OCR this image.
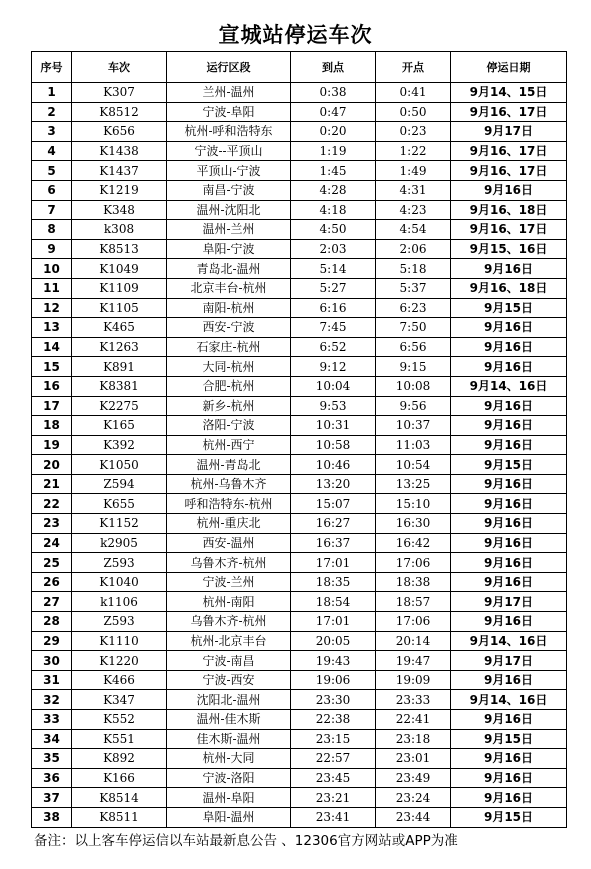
宣城站停运车次
序号	车次	运行区段	到点	开点	停运日期
1	K307	兰州-温州	0:38	0:41	9月14、15日
2	K8512	宁波-阜阳	0:47	0:50	9月16、17日
3	K656	杭州-呼和浩特东	0:20	0:23	9月17日
4	K1438	宁波--平顶山	1:19	1:22	9月16、17日
5	K1437	平顶山-宁波	1:45	1:49	9月16、17日
6	K1219	南昌-宁波	4:28	4:31	9月16日
7	K348	温州-沈阳北	4:18	4:23	9月16、18日
8	k308	温州-兰州	4:50	4:54	9月16、17日
9	K8513	阜阳-宁波	2:03	2:06	9月15、16日
10	K1049	青岛北-温州	5:14	5:18	9月16日
11	K1109	北京丰台-杭州	5:27	5:37	9月16、18日
12	K1105	南阳-杭州	6:16	6:23	9月15日
13	K465	西安-宁波	7:45	7:50	9月16日
14	K1263	石家庄-杭州	6:52	6:56	9月16日
15	K891	大同-杭州	9:12	9:15	9月16日
16	K8381	合肥-杭州	10:04	10:08	9月14、16日
17	K2275	新乡-杭州	9:53	9:56	9月16日
18	K165	洛阳-宁波	10:31	10:37	9月16日
19	K392	杭州-西宁	10:58	11:03	9月16日
20	K1050	温州-青岛北	10:46	10:54	9月15日
21	Z594	杭州-乌鲁木齐	13:20	13:25	9月16日
22	K655	呼和浩特东-杭州	15:07	15:10	9月16日
23	K1152	杭州-重庆北	16:27	16:30	9月16日
24	k2905	西安-温州	16:37	16:42	9月16日
25	Z593	乌鲁木齐-杭州	17:01	17:06	9月16日
26	K1040	宁波-兰州	18:35	18:38	9月16日
27	k1106	杭州-南阳	18:54	18:57	9月17日
28	Z593	乌鲁木齐-杭州	17:01	17:06	9月16日
29	K1110	杭州-北京丰台	20:05	20:14	9月14、16日
30	K1220	宁波-南昌	19:43	19:47	9月17日
31	K466	宁波-西安	19:06	19:09	9月16日
32	K347	沈阳北-温州	23:30	23:33	9月14、16日
33	K552	温州-佳木斯	22:38	22:41	9月16日
34	K551	佳木斯-温州	23:15	23:18	9月15日
35	K892	杭州-大同	22:57	23:01	9月16日
36	K166	宁波-洛阳	23:45	23:49	9月16日
37	K8514	温州-阜阳	23:21	23:24	9月16日
38	K8511	阜阳-温州	23:41	23:44	9月15日
备注：以上客车停运信以车站最新息公告 、12306官方网站或APP为准
